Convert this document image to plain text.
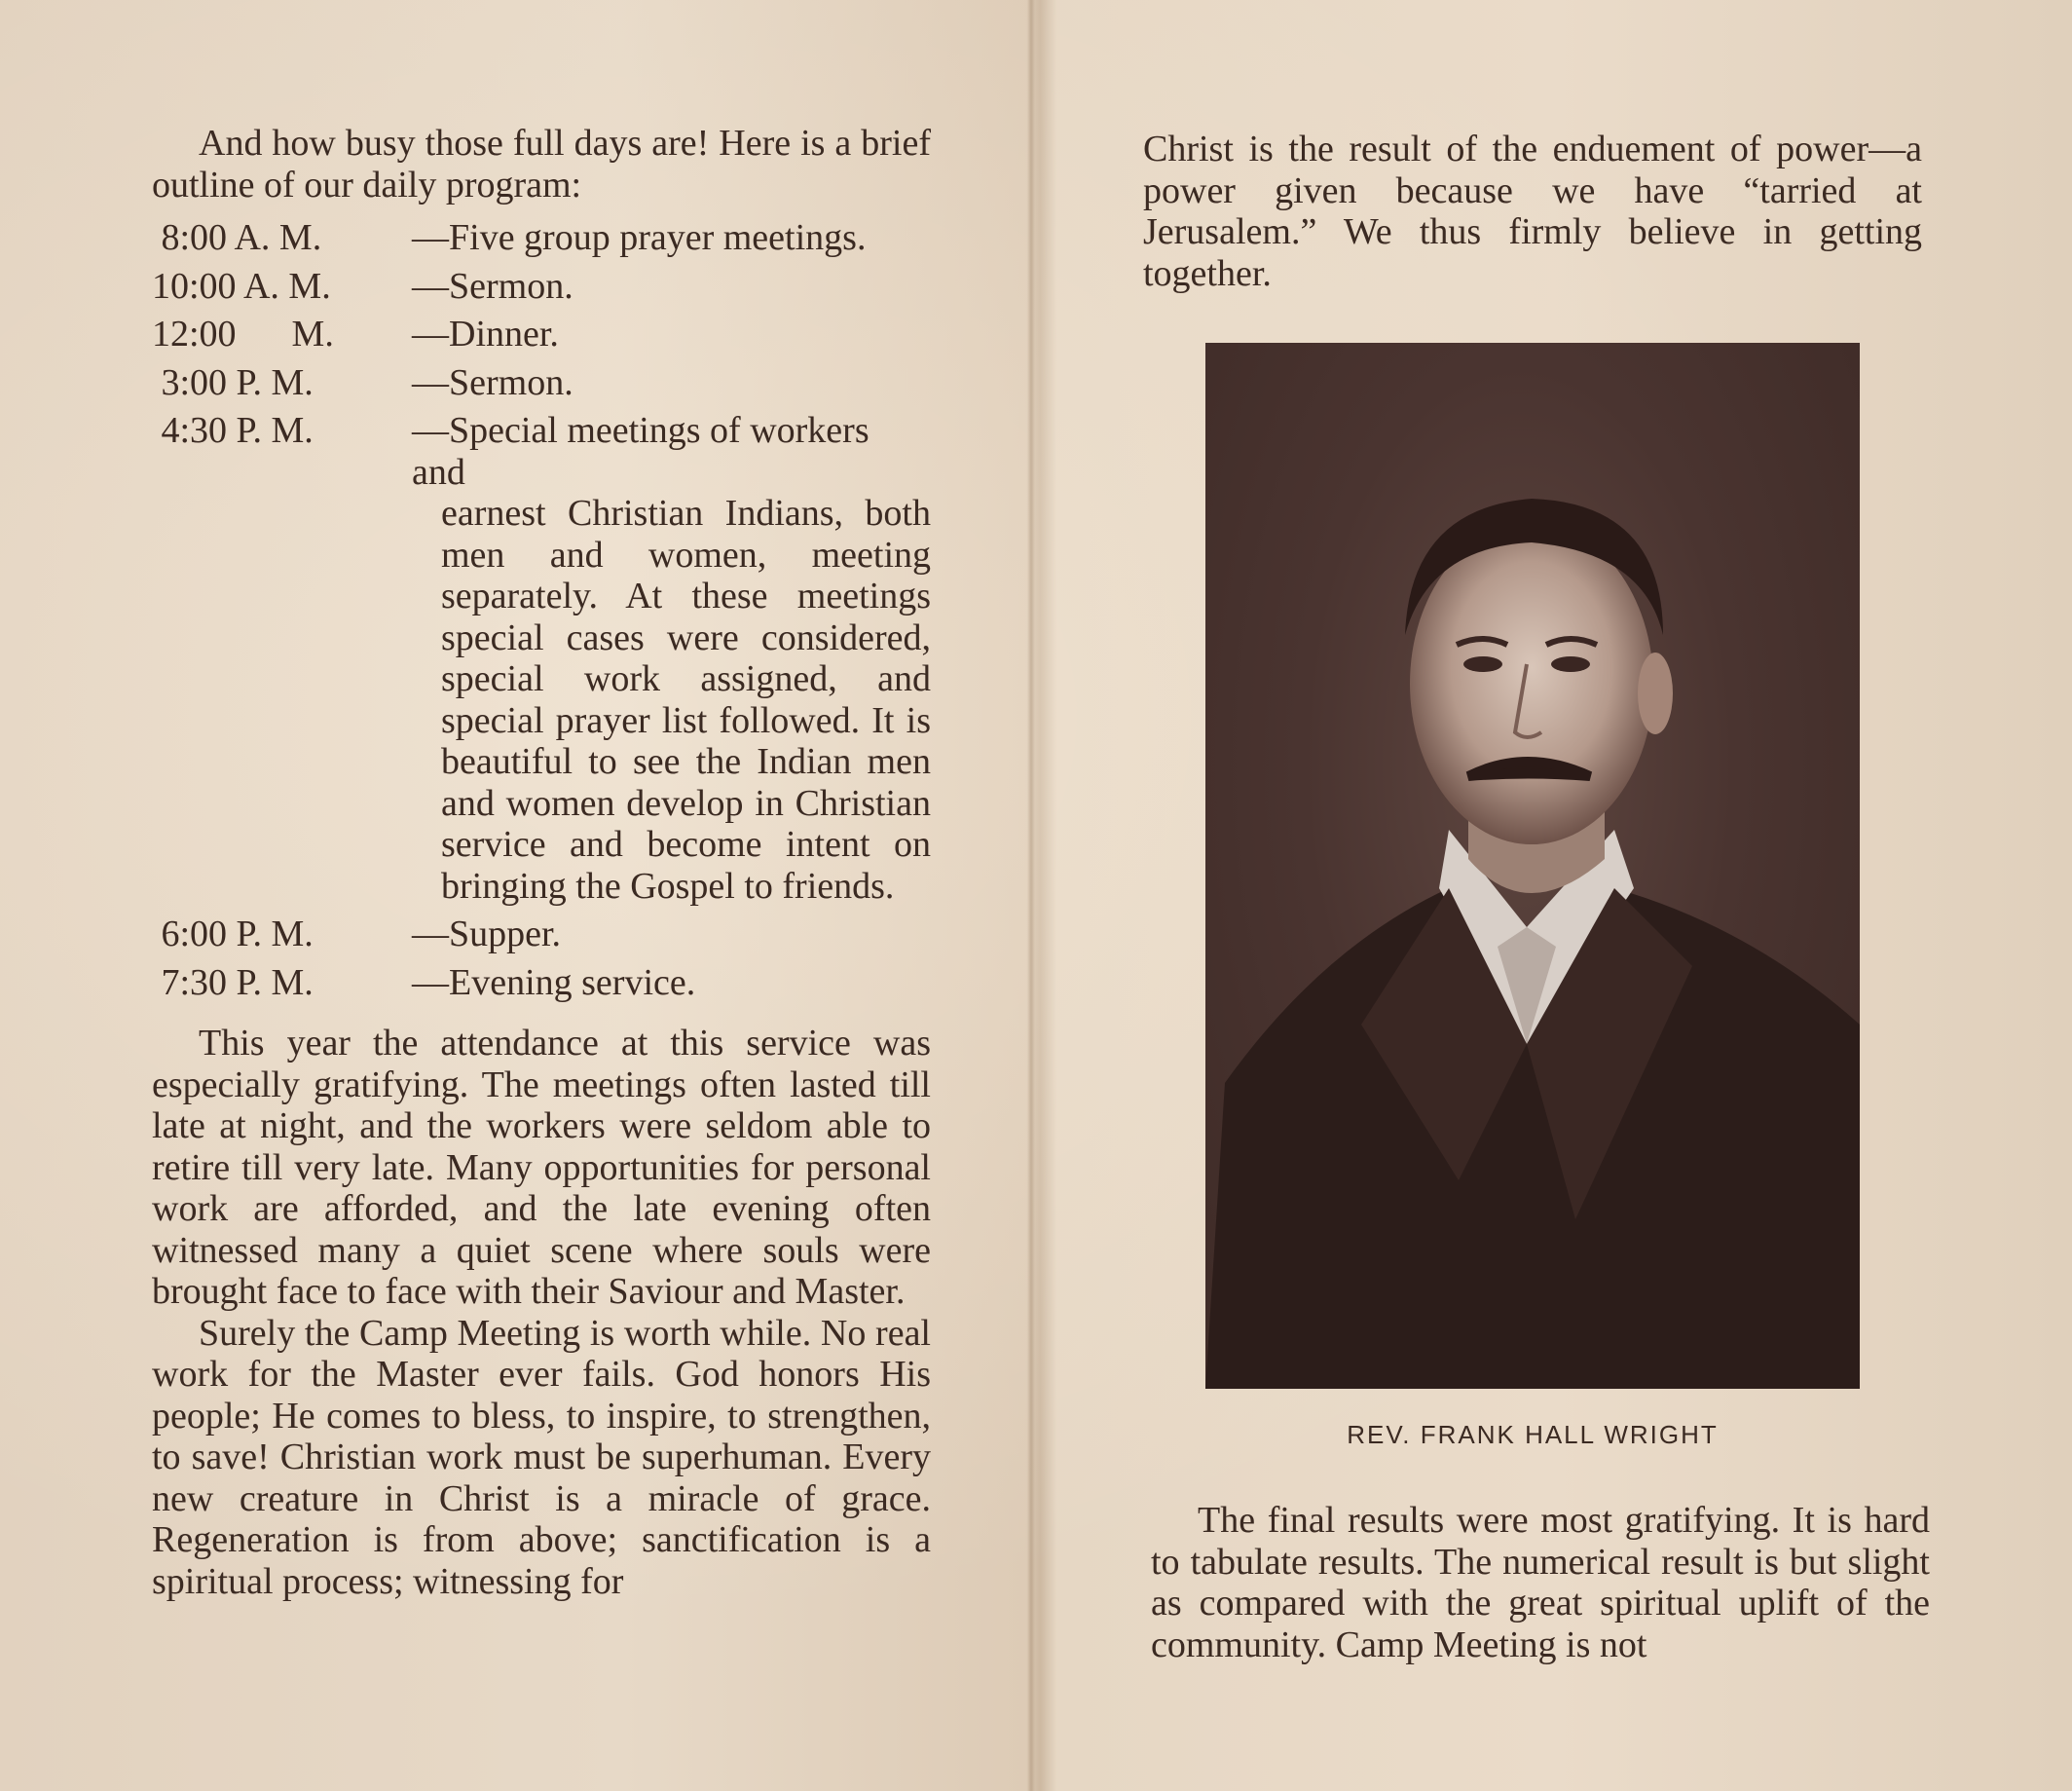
And how busy those full days are! Here is a brief outline of our daily program:

8:00 A. M.	—Five group prayer meetings.
10:00 A. M.	—Sermon.
12:00      M.	—Dinner.
3:00 P. M.	—Sermon.
4:30 P. M.	—Special meetings of workers and
earnest Christian Indians, both men and women, meeting separately. At these meetings special cases were considered, special work assigned, and special prayer list followed. It is beautiful to see the Indian men and women develop in Christian service and become intent on bringing the Gospel to friends.
6:00 P. M.	—Supper.
7:30 P. M.	—Evening service.

This year the attendance at this service was especially gratifying. The meetings often lasted till late at night, and the workers were seldom able to retire till very late. Many opportunities for personal work are afforded, and the late evening often witnessed many a quiet scene where souls were brought face to face with their Saviour and Master.

Surely the Camp Meeting is worth while. No real work for the Master ever fails. God honors His people; He comes to bless, to inspire, to strengthen, to save! Christian work must be superhuman. Every new creature in Christ is a miracle of grace. Regeneration is from above; sanctification is a spiritual process; witnessing for

Christ is the result of the enduement of power—a power given because we have “tarried at Jerusalem.” We thus firmly believe in getting together.

REV. FRANK HALL WRIGHT

The final results were most gratifying. It is hard to tabulate results. The numerical result is but slight as compared with the great spiritual uplift of the community. Camp Meeting is not
